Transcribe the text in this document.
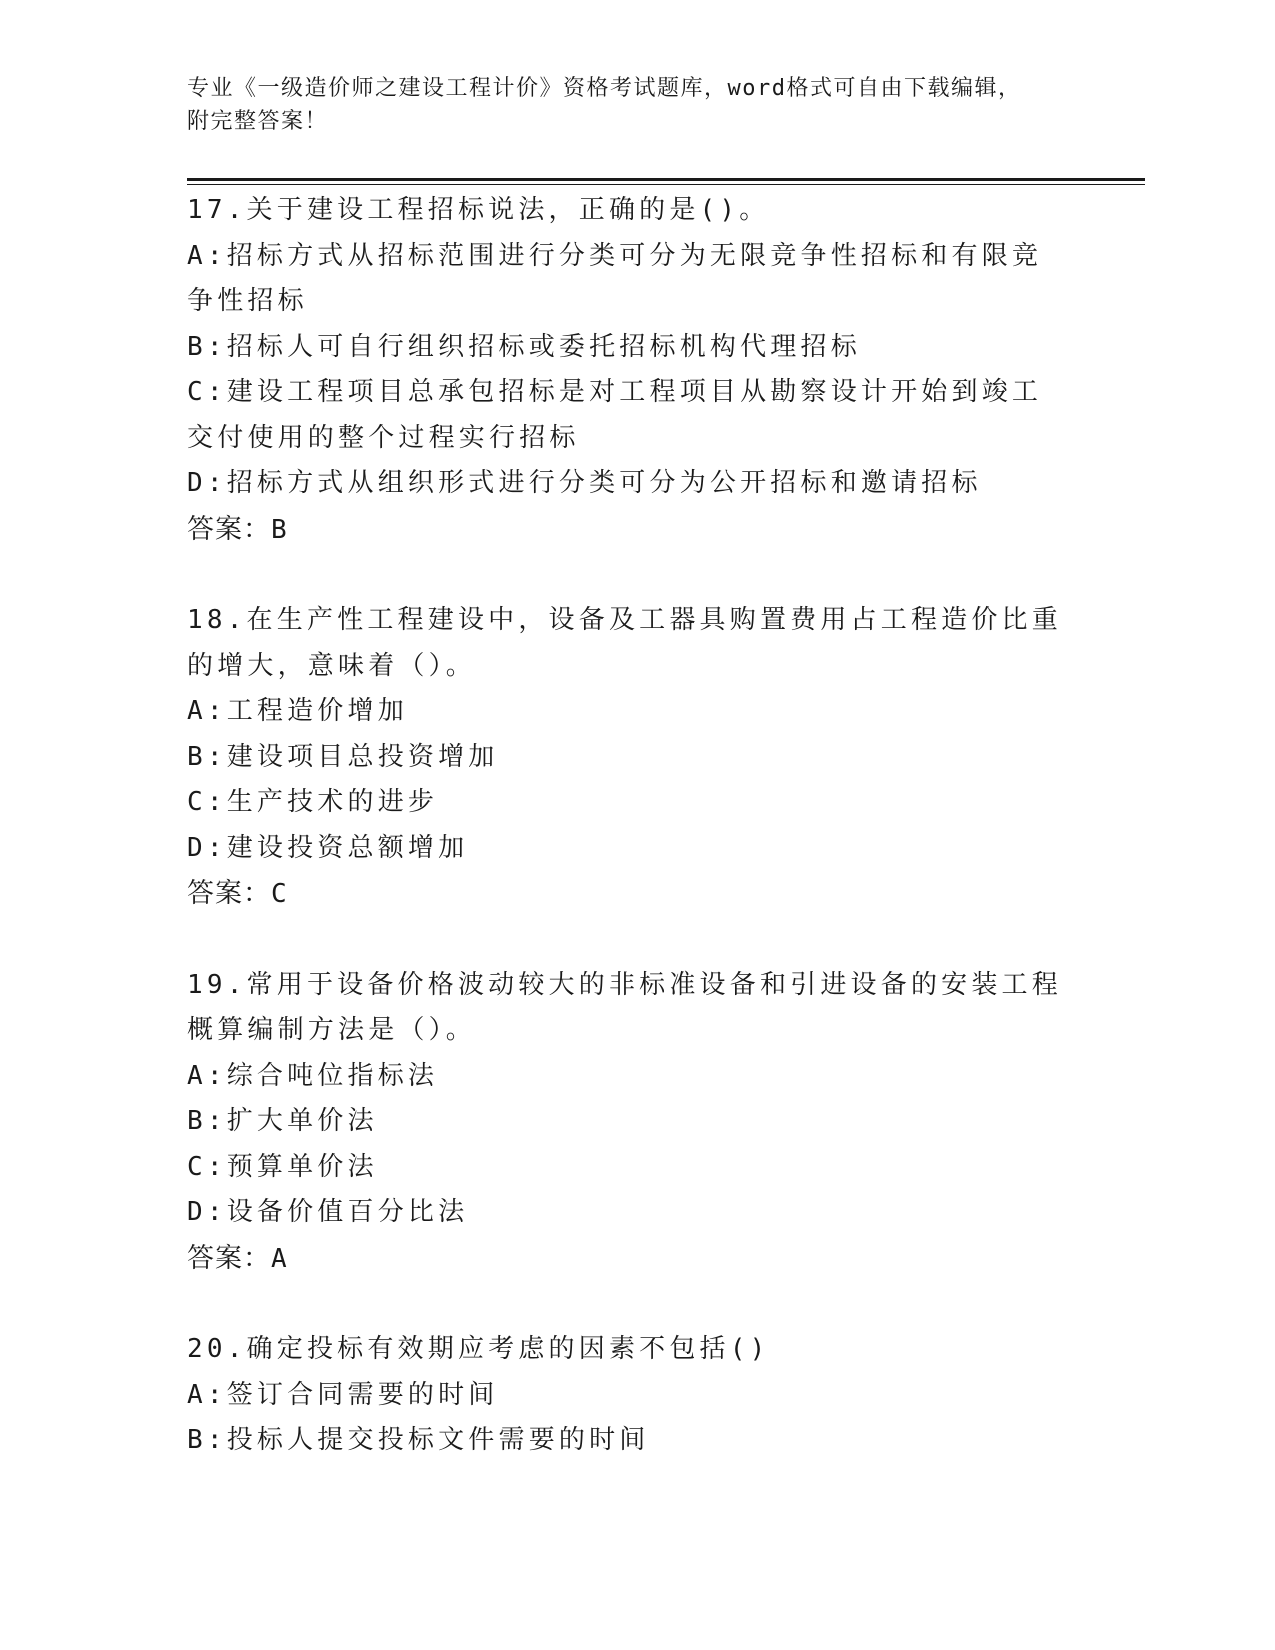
专业《一级造价师之建设工程计价》资格考试题库，word格式可自由下载编辑，
附完整答案！
17.关于建设工程招标说法，正确的是()。
A:招标方式从招标范围进行分类可分为无限竞争性招标和有限竞争性招标
B:招标人可自行组织招标或委托招标机构代理招标
C:建设工程项目总承包招标是对工程项目从勘察设计开始到竣工交付使用的整个过程实行招标
D:招标方式从组织形式进行分类可分为公开招标和邀请招标
答案：B
18.在生产性工程建设中，设备及工器具购置费用占工程造价比重的增大，意味着（）。
A:工程造价增加
B:建设项目总投资增加
C:生产技术的进步
D:建设投资总额增加
答案：C
19.常用于设备价格波动较大的非标准设备和引进设备的安装工程概算编制方法是（）。
A:综合吨位指标法
B:扩大单价法
C:预算单价法
D:设备价值百分比法
答案：A
20.确定投标有效期应考虑的因素不包括()
A:签订合同需要的时间
B:投标人提交投标文件需要的时间
